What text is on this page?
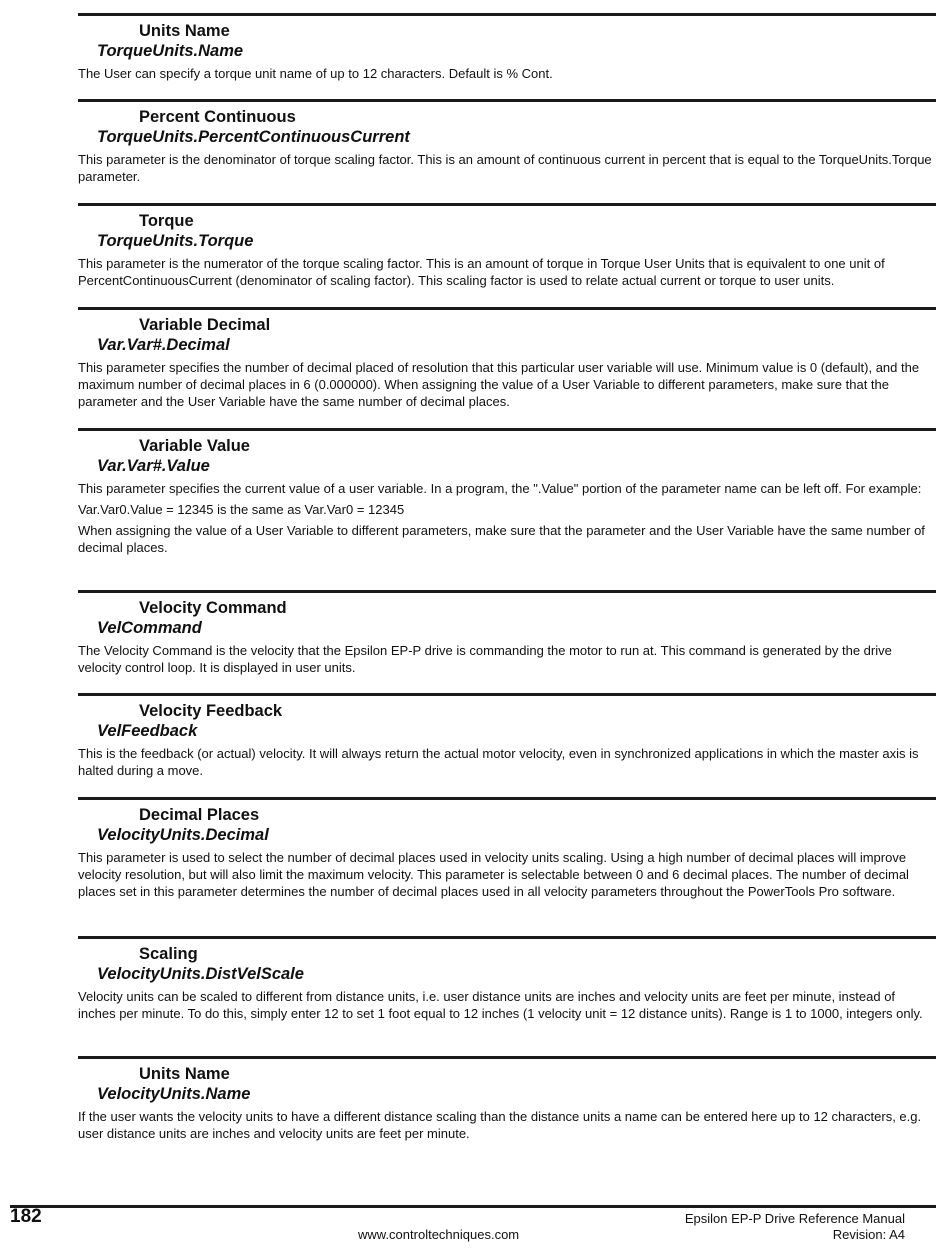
Units Name
TorqueUnits.Name

The User can specify a torque unit name of up to 12 characters. Default is % Cont.

Percent Continuous
TorqueUnits.PercentContinuousCurrent

This parameter is the denominator of torque scaling factor. This is an amount of continuous current in percent that is equal to the TorqueUnits.Torque parameter.

Torque
TorqueUnits.Torque

This parameter is the numerator of the torque scaling factor. This is an amount of torque in Torque User Units that is equivalent to one unit of PercentContinuousCurrent (denominator of scaling factor). This scaling factor is used to relate actual current or torque to user units.

Variable Decimal
Var.Var#.Decimal

This parameter specifies the number of decimal placed of resolution that this particular user variable will use. Minimum value is 0 (default), and the maximum number of decimal places in 6 (0.000000). When assigning the value of a User Variable to different parameters, make sure that the parameter and the User Variable have the same number of decimal places.

Variable Value
Var.Var#.Value

This parameter specifies the current value of a user variable. In a program, the ".Value" portion of the parameter name can be left off. For example:

Var.Var0.Value = 12345 is the same as Var.Var0 = 12345

When assigning the value of a User Variable to different parameters, make sure that the parameter and the User Variable have the same number of decimal places.

Velocity Command
VelCommand

The Velocity Command is the velocity that the Epsilon EP-P drive is commanding the motor to run at. This command is generated by the drive velocity control loop. It is displayed in user units.

Velocity Feedback
VelFeedback

This is the feedback (or actual) velocity. It will always return the actual motor velocity, even in synchronized applications in which the master axis is halted during a move.

Decimal Places
VelocityUnits.Decimal

This parameter is used to select the number of decimal places used in velocity units scaling. Using a high number of decimal places will improve velocity resolution, but will also limit the maximum velocity. This parameter is selectable between 0 and 6 decimal places. The number of decimal places set in this parameter determines the number of decimal places used in all velocity parameters throughout the PowerTools Pro software.

Scaling
VelocityUnits.DistVelScale

Velocity units can be scaled to different from distance units, i.e. user distance units are inches and velocity units are feet per minute, instead of inches per minute. To do this, simply enter 12 to set 1 foot equal to 12 inches (1 velocity unit = 12 distance units). Range is 1 to 1000, integers only.

Units Name
VelocityUnits.Name

If the user wants the velocity units to have a different distance scaling than the distance units a name can be entered here up to 12 characters, e.g. user distance units are inches and velocity units are feet per minute.

182	Epsilon EP-P Drive Reference Manual
Revision: A4
www.controltechniques.com
